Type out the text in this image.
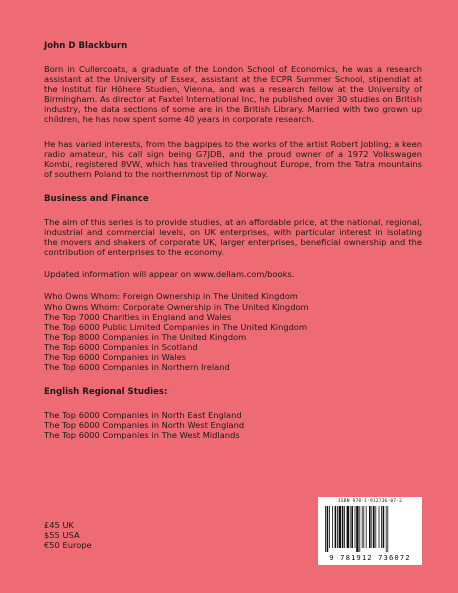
John D Blackburn

Born in Cullercoats, a graduate of the London School of Economics, he was a research assistant at the University of Essex, assistant at the ECPR Summer School, stipendiat at the Institut für Höhere Studien, Vienna, and was a research fellow at the University of Birmingham. As director at Faxtel International Inc, he published over 30 studies on British industry, the data sections of some are in the British Library. Married with two grown up children, he has now spent some 40 years in corporate research.

He has varied interests, from the bagpipes to the works of the artist Robert Jobling; a keen radio amateur, his call sign being G7JDB, and the proud owner of a 1972 Volkswagen Kombi, registered 8VW, which has travelled throughout Europe, from the Tatra mountains of southern Poland to the northernmost tip of Norway.

Business and Finance

The aim of this series is to provide studies, at an affordable price, at the national, regional, industrial and commercial levels, on UK enterprises, with particular interest in isolating the movers and shakers of corporate UK, larger enterprises, beneficial ownership and the contribution of enterprises to the economy.

Updated information will appear on www.dellam.com/books.

Who Owns Whom: Foreign Ownership in The United Kingdom
Who Owns Whom: Corporate Ownership in The United Kingdom
The Top 7000 Charities in England and Wales
The Top 6000 Public Limited Companies in The United Kingdom
The Top 8000 Companies in The United Kingdom
The Top 6000 Companies in Scotland
The Top 6000 Companies in Wales
The Top 6000 Companies in Northern Ireland

English Regional Studies:

The Top 6000 Companies in North East England
The Top 6000 Companies in North West England
The Top 6000 Companies in The West Midlands
£45 UK
$55 USA
€50 Europe
ISBN 978-1-912736-07-2
9 781912 736072
